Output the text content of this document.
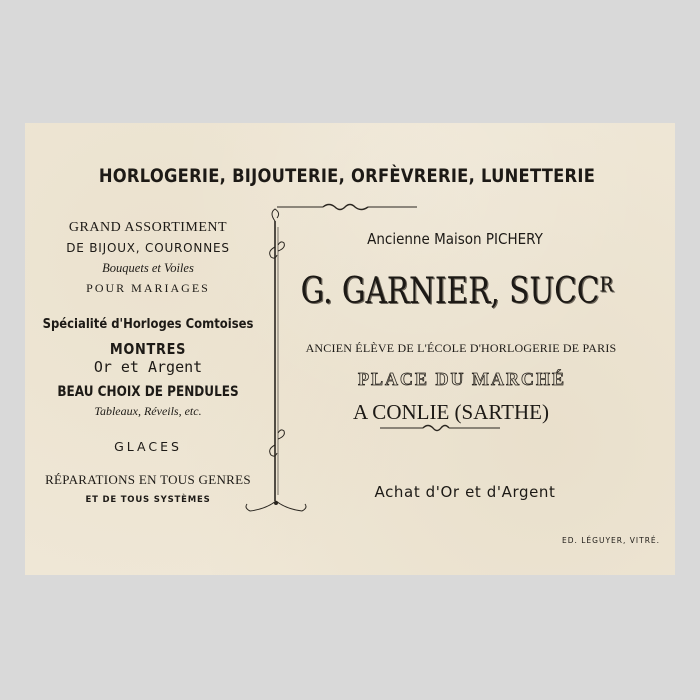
HORLOGERIE, BIJOUTERIE, ORFÈVRERIE, LUNETTERIE
GRAND ASSORTIMENT
DE BIJOUX, COURONNES
Bouquets et Voiles
POUR MARIAGES
Spécialité d'Horloges Comtoises
MONTRES
Or et Argent
BEAU CHOIX DE PENDULES
Tableaux, Réveils, etc.
GLACES
RÉPARATIONS EN TOUS GENRES
ET DE TOUS SYSTÈMES
Ancienne Maison PICHERY
G. GARNIER, SUCCᴿ
ANCIEN ÉLÈVE DE L'ÉCOLE D'HORLOGERIE DE PARIS
PLACE DU MARCHÉ
A CONLIE (SARTHE)
Achat d'Or et d'Argent
ED. LÉGUYER, VITRÉ.
